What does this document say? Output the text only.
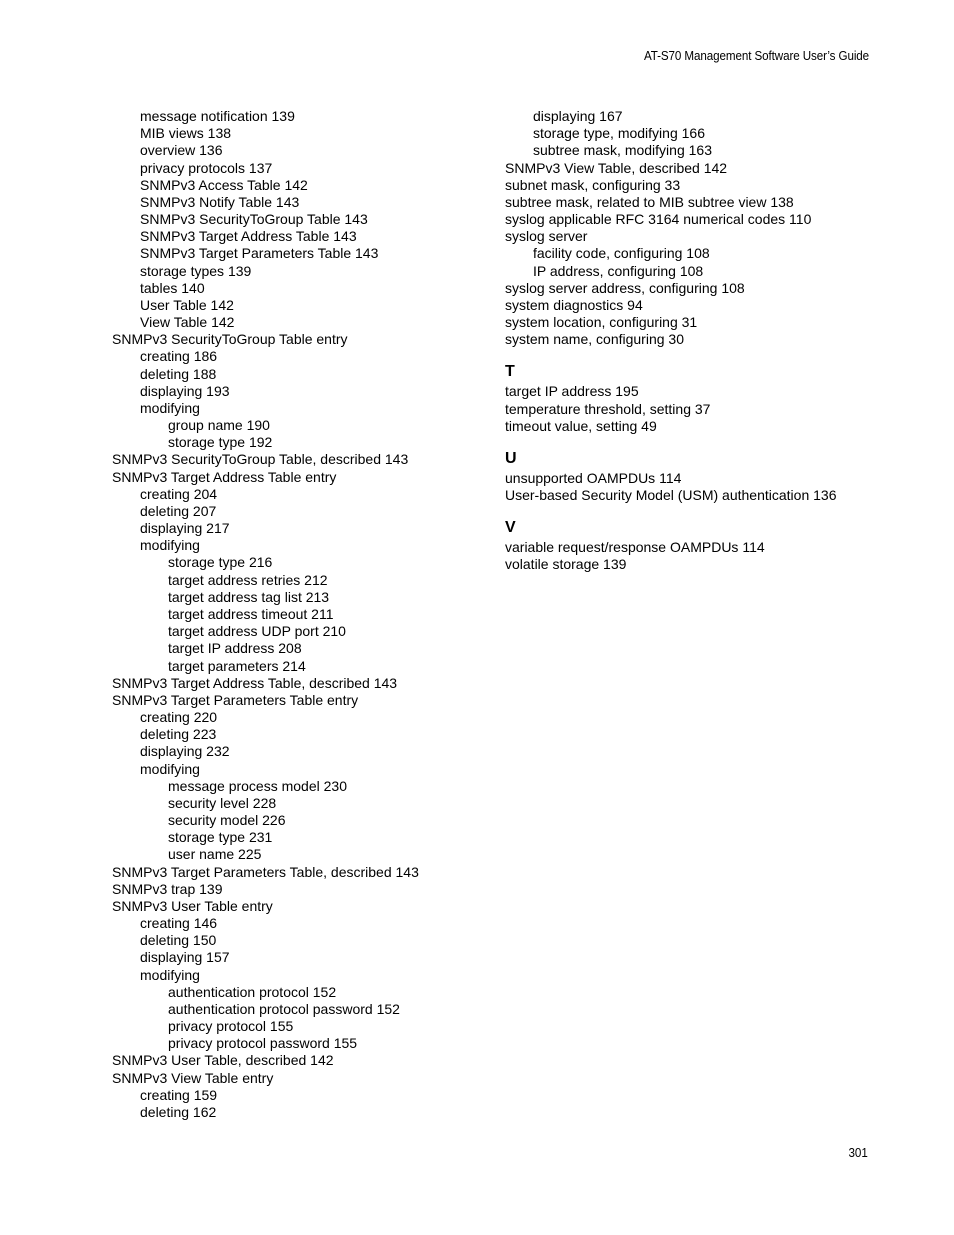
AT-S70 Management Software User’s Guide
message notification 139
MIB views 138
overview 136
privacy protocols 137
SNMPv3 Access Table 142
SNMPv3 Notify Table 143
SNMPv3 SecurityToGroup Table 143
SNMPv3 Target Address Table 143
SNMPv3 Target Parameters Table 143
storage types 139
tables 140
User Table 142
View Table 142
SNMPv3 SecurityToGroup Table entry
creating 186
deleting 188
displaying 193
modifying
group name 190
storage type 192
SNMPv3 SecurityToGroup Table, described 143
SNMPv3 Target Address Table entry
creating 204
deleting 207
displaying 217
modifying
storage type 216
target address retries 212
target address tag list 213
target address timeout 211
target address UDP port 210
target IP address 208
target parameters 214
SNMPv3 Target Address Table, described 143
SNMPv3 Target Parameters Table entry
creating 220
deleting 223
displaying 232
modifying
message process model 230
security level 228
security model 226
storage type 231
user name 225
SNMPv3 Target Parameters Table, described 143
SNMPv3 trap 139
SNMPv3 User Table entry
creating 146
deleting 150
displaying 157
modifying
authentication protocol 152
authentication protocol password 152
privacy protocol 155
privacy protocol password 155
SNMPv3 User Table, described 142
SNMPv3 View Table entry
creating 159
deleting 162
displaying 167
storage type, modifying 166
subtree mask, modifying 163
SNMPv3 View Table, described 142
subnet mask, configuring 33
subtree mask, related to MIB subtree view 138
syslog applicable RFC 3164 numerical codes 110
syslog server
facility code, configuring 108
IP address, configuring 108
syslog server address, configuring 108
system diagnostics 94
system location, configuring 31
system name, configuring 30
T
target IP address 195
temperature threshold, setting 37
timeout value, setting 49
U
unsupported OAMPDUs 114
User-based Security Model (USM) authentication 136
V
variable request/response OAMPDUs 114
volatile storage 139
301
